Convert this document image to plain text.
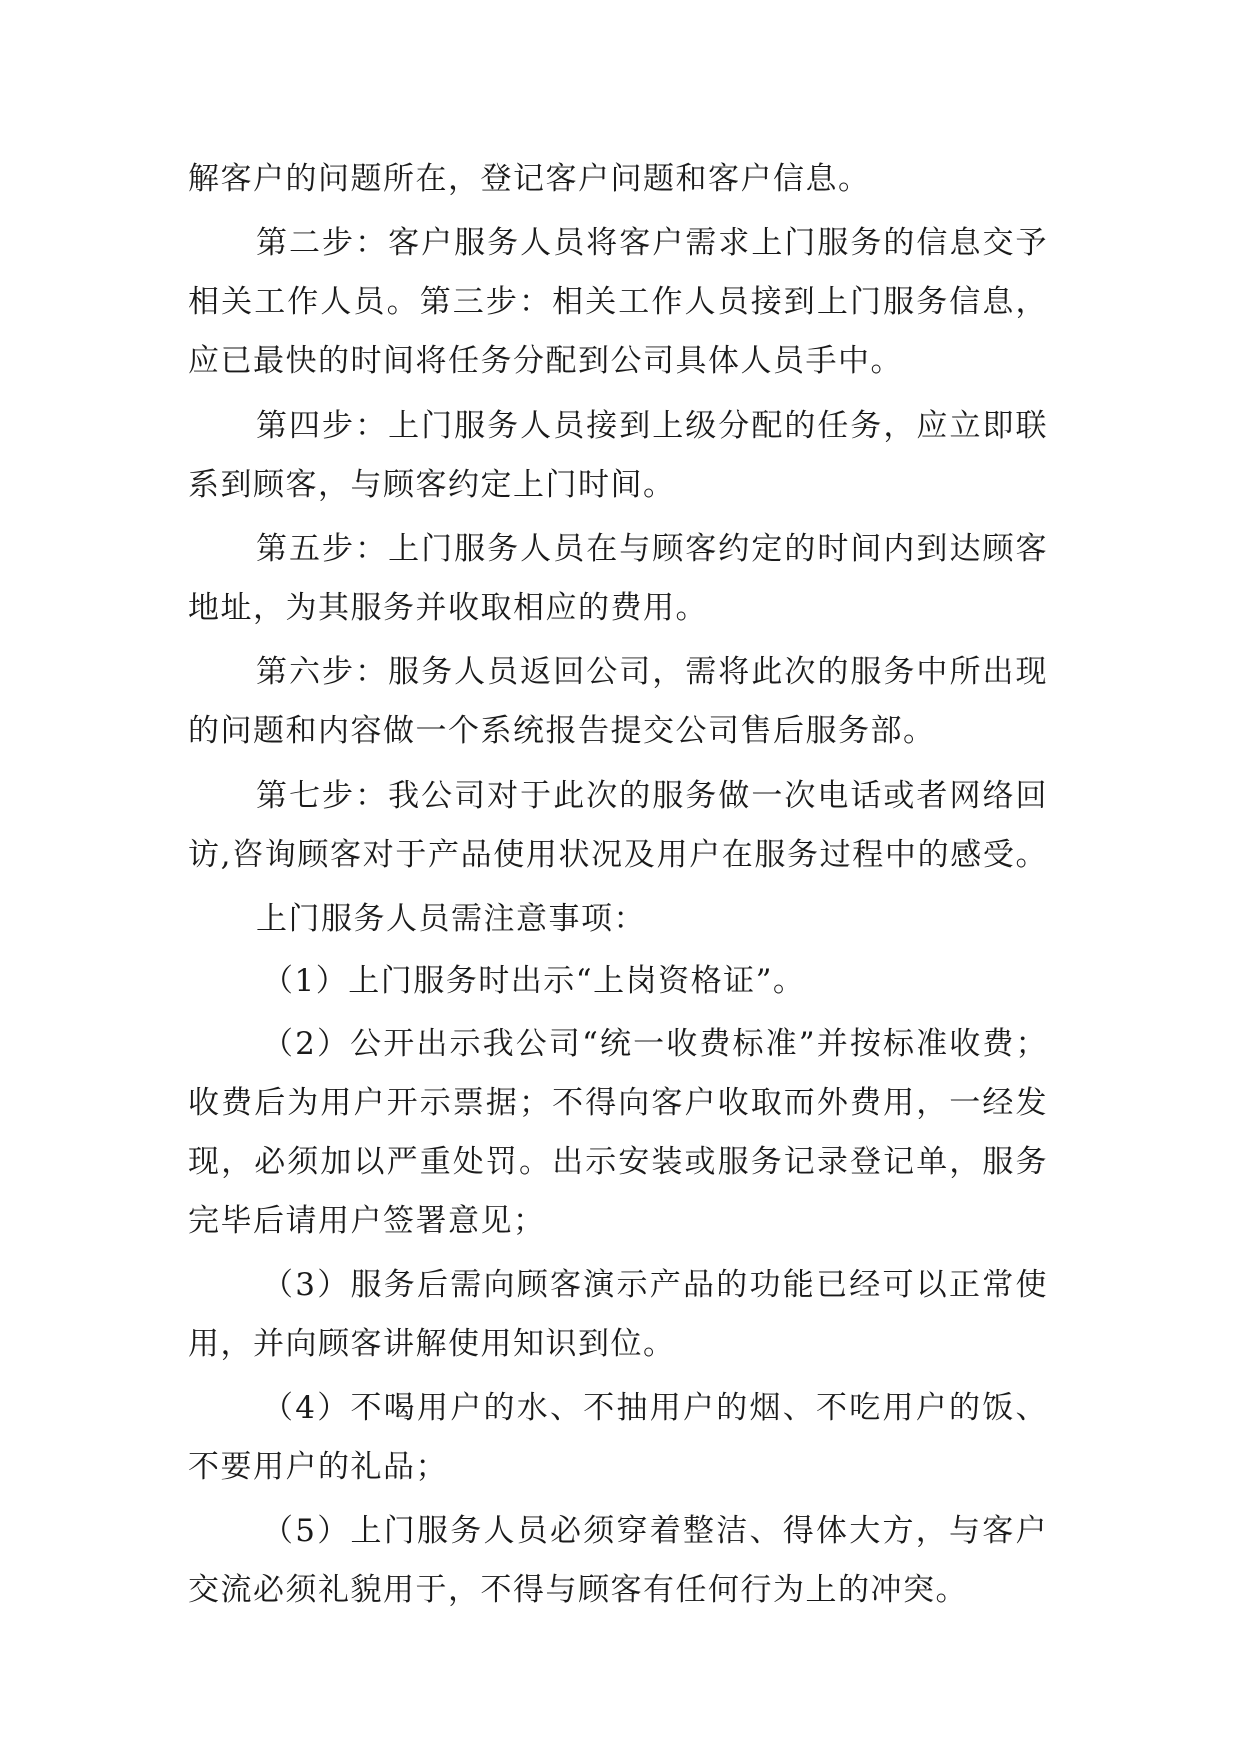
解客户的问题所在，登记客户问题和客户信息。
第二步：客户服务人员将客户需求上门服务的信息交予
相关工作人员。第三步：相关工作人员接到上门服务信息，
应已最快的时间将任务分配到公司具体人员手中。
第四步：上门服务人员接到上级分配的任务，应立即联
系到顾客，与顾客约定上门时间。
第五步：上门服务人员在与顾客约定的时间内到达顾客
地址，为其服务并收取相应的费用。
第六步：服务人员返回公司，需将此次的服务中所出现
的问题和内容做一个系统报告提交公司售后服务部。
第七步：我公司对于此次的服务做一次电话或者网络回
访,咨询顾客对于产品使用状况及用户在服务过程中的感受。
上门服务人员需注意事项：
（1）上门服务时出示“上岗资格证”。
（2）公开出示我公司“统一收费标准”并按标准收费；
收费后为用户开示票据；不得向客户收取而外费用，一经发
现，必须加以严重处罚。出示安装或服务记录登记单，服务
完毕后请用户签署意见；
（3）服务后需向顾客演示产品的功能已经可以正常使
用，并向顾客讲解使用知识到位。
（4）不喝用户的水、不抽用户的烟、不吃用户的饭、
不要用户的礼品；
（5）上门服务人员必须穿着整洁、得体大方，与客户
交流必须礼貌用于，不得与顾客有任何行为上的冲突。
